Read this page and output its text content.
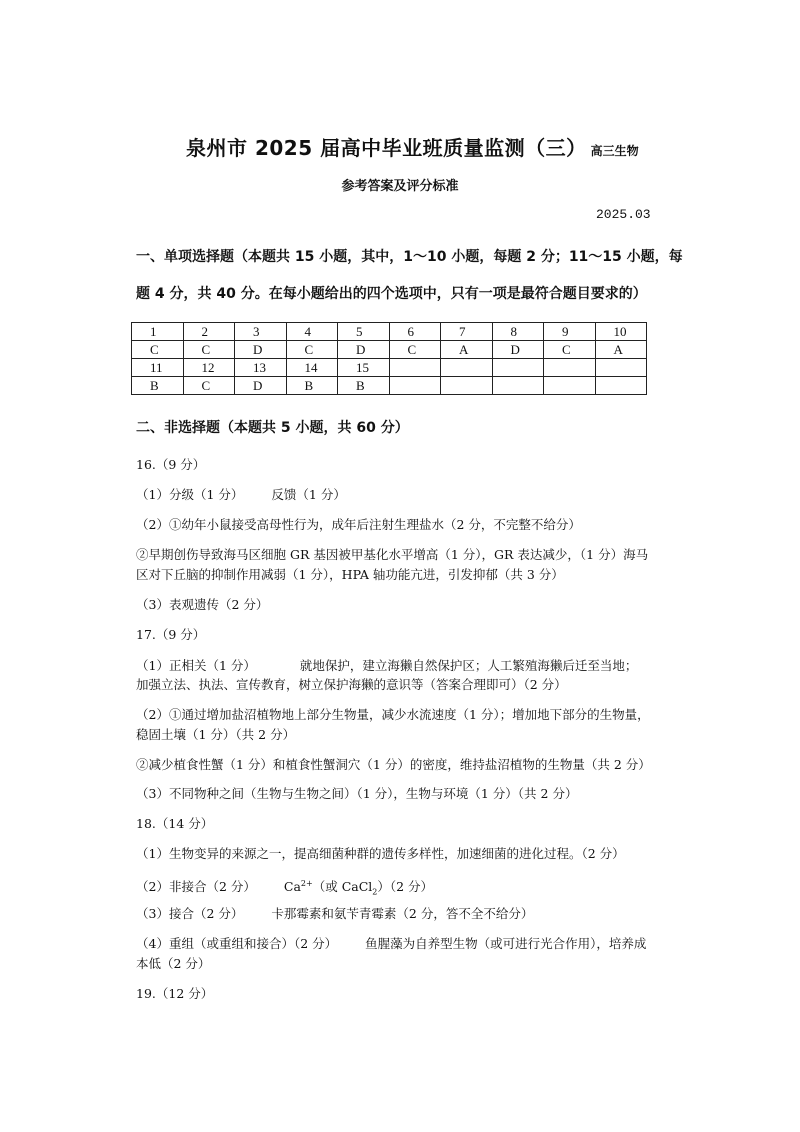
泉州市 2025 届高中毕业班质量监测（三） 高三生物
参考答案及评分标准
2025.03
一、单项选择题（本题共 15 小题，其中，1～10 小题，每题 2 分；11～15 小题，每
题 4 分，共 40 分。在每小题给出的四个选项中，只有一项是最符合题目要求的）
1	2	3	4	5	6	7	8	9	10
C	C	D	C	D	C	A	D	C	A
11	12	13	14	15					
B	C	D	B	B					
二、非选择题（本题共 5 小题，共 60 分）
16.（9 分）
（1）分级（1 分） 反馈（1 分）
（2）①幼年小鼠接受高母性行为，成年后注射生理盐水（2 分，不完整不给分）
②早期创伤导致海马区细胞 GR 基因被甲基化水平增高（1 分），GR 表达减少，（1 分）海马
区对下丘脑的抑制作用减弱（1 分），HPA 轴功能亢进，引发抑郁（共 3 分）
（3）表观遗传（2 分）
17.（9 分）
（1）正相关（1 分）	就地保护，建立海獭自然保护区；人工繁殖海獭后迁至当地；
加强立法、执法、宣传教育，树立保护海獭的意识等（答案合理即可）（2 分）
（2）①通过增加盐沼植物地上部分生物量，减少水流速度（1 分）；增加地下部分的生物量，
稳固土壤（1 分）（共 2 分）
②减少植食性蟹（1 分）和植食性蟹洞穴（1 分）的密度，维持盐沼植物的生物量（共 2 分）
（3）不同物种之间（生物与生物之间）（1 分），生物与环境（1 分）（共 2 分）
18.（14 分）
（1）生物变异的来源之一，提高细菌种群的遗传多样性，加速细菌的进化过程。（2 分）
（2）非接合（2 分） $Ca^{2+}$（或 CaCl$_2$）（2 分）
（3）接合（2 分） 卡那霉素和氨苄青霉素（2 分，答不全不给分）
（4）重组（或重组和接合）（2 分） 鱼腥藻为自养型生物（或可进行光合作用），培养成
本低（2 分）
19.（12 分）
